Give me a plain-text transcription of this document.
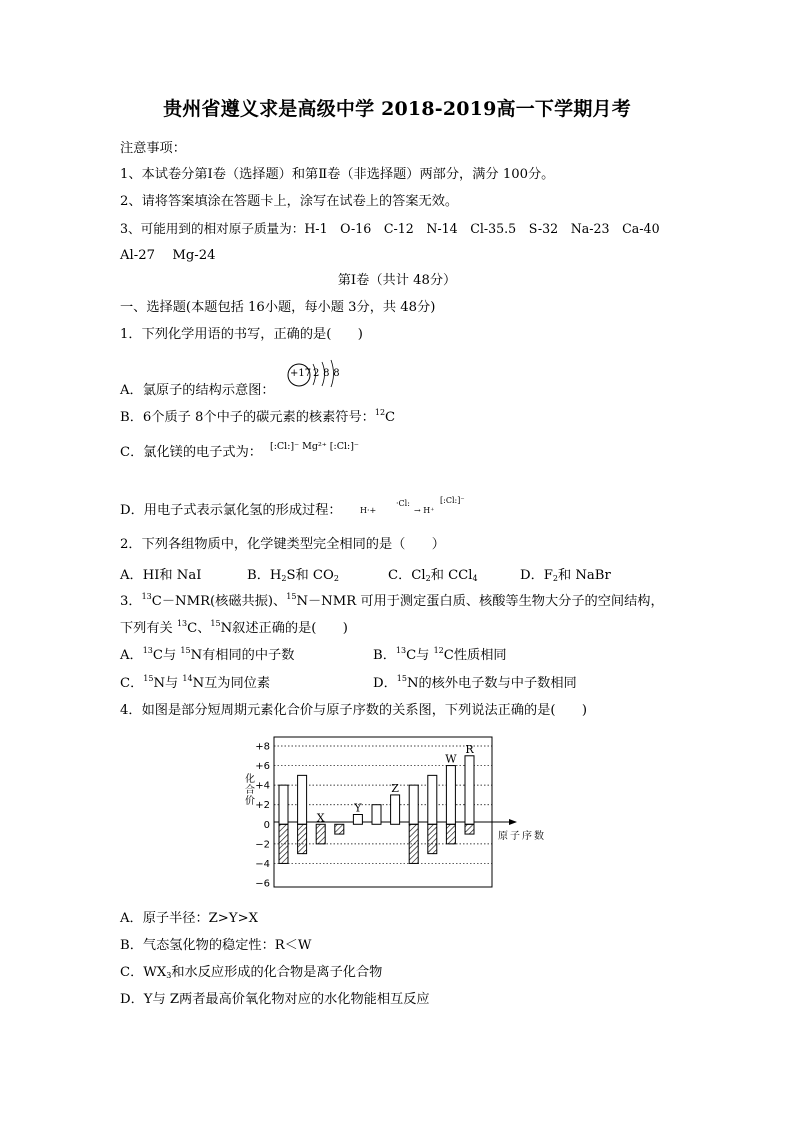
贵州省遵义求是高级中学 2018-2019高一下学期月考
注意事项：
1、本试卷分第Ⅰ卷（选择题）和第Ⅱ卷（非选择题）两部分，满分 100分。
2、请将答案填涂在答题卡上，涂写在试卷上的答案无效。
3、可能用到的相对原子质量为：H-1　O-16　C-12　N-14　Cl-35.5　S-32　Na-23　Ca-40
Al-27　 Mg-24
第Ⅰ卷（共计 48分）
一、选择题(本题包括 16小题，每小题 3分，共 48分)
1．下列化学用语的书写，正确的是(　　)
A．氯原子的结构示意图：
+17 2 8 8
B．6个质子 8个中子的碳元素的核素符号：$^{12}$C
C．氯化镁的电子式为： [:Cl:]⁻ Mg²⁺ [:Cl:]⁻
D．用电子式表示氯化氢的形成过程： H·+
·Cl:
→ H⁺
[:Cl:]⁻
2．下列各组物质中，化学键类型完全相同的是（　　）
A．HI和 NaI	B．$H_2S$和 $CO_2$	C．$Cl_2$和 CCl$_4$	D．$F_2$和 NaBr
3．$^{13}$C－NMR(核磁共振)、$^{15}$N－NMR 可用于测定蛋白质、核酸等生物大分子的空间结构，
下列有关 $^{13}$C、$^{15}$N叙述正确的是(　　)
A．$^{13}$C与 $^{15}$N有相同的中子数	B．$^{13}$C与 $^{12}$C性质相同
C．$^{15}$N与 $^{14}$N互为同位素	D．$^{15}$N的核外电子数与中子数相同
4．如图是部分短周期元素化合价与原子序数的关系图，下列说法正确的是(　　)
化合价
+8
+6
+4
+2
0
−2
−4
−6
原子序数
X
Y
Z
W
R
A．原子半径：Z>Y>X
B．气态氢化物的稳定性：R＜W
C．$WX_3$和水反应形成的化合物是离子化合物
D．Y与 Z两者最高价氧化物对应的水化物能相互反应
